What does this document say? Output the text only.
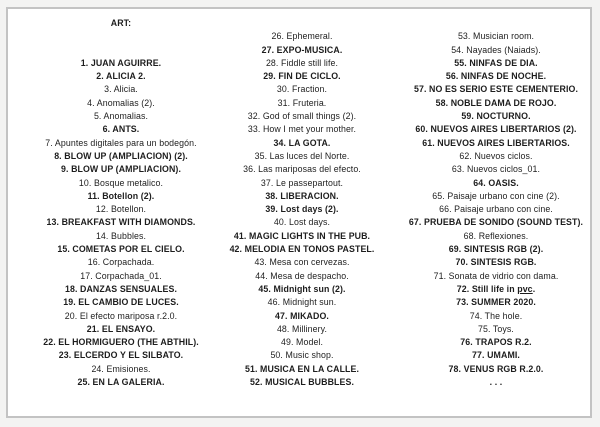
ART:
1. JUAN AGUIRRE.
2. ALICIA 2.
3. Alicia.
4. Anomalias (2).
5. Anomalias.
6. ANTS.
7. Apuntes digitales para un bodegón.
8. BLOW UP (AMPLIACION) (2).
9. BLOW UP (AMPLIACION).
10. Bosque metalico.
11. Botellon (2).
12. Botellon.
13. BREAKFAST WITH DIAMONDS.
14. Bubbles.
15. COMETAS POR EL CIELO.
16. Corpachada.
17. Corpachada_01.
18. DANZAS SENSUALES.
19. EL CAMBIO DE LUCES.
20. El efecto mariposa r.2.0.
21. EL ENSAYO.
22. EL HORMIGUERO (THE ABTHIL).
23. ELCERDO Y EL SILBATO.
24. Emisiones.
25. EN LA GALERIA.
26. Ephemeral.
27. EXPO-MUSICA.
28. Fiddle still life.
29. FIN DE CICLO.
30. Fraction.
31. Fruteria.
32. God of small things (2).
33. How I met your mother.
34. LA GOTA.
35. Las luces del Norte.
36. Las mariposas del efecto.
37. Le passepartout.
38. LIBERACION.
39. Lost days (2).
40. Lost days.
41. MAGIC LIGHTS IN THE PUB.
42. MELODIA EN TONOS PASTEL.
43. Mesa con cervezas.
44. Mesa de despacho.
45. Midnight sun (2).
46. Midnight sun.
47. MIKADO.
48. Millinery.
49. Model.
50. Music shop.
51. MUSICA EN LA CALLE.
52. MUSICAL BUBBLES.
53. Musician room.
54. Nayades (Naiads).
55. NINFAS DE DIA.
56. NINFAS DE NOCHE.
57. NO ES SERIO ESTE CEMENTERIO.
58. NOBLE DAMA DE ROJO.
59. NOCTURNO.
60. NUEVOS AIRES LIBERTARIOS (2).
61. NUEVOS AIRES LIBERTARIOS.
62. Nuevos ciclos.
63. Nuevos ciclos_01.
64. OASIS.
65. Paisaje urbano con cine (2).
66. Paisaje urbano con cine.
67. PRUEBA DE SONIDO (SOUND TEST).
68. Reflexiones.
69. SINTESIS RGB (2).
70. SINTESIS RGB.
71. Sonata de vidrio con dama.
72. Still life in pvc.
73. SUMMER 2020.
74. The hole.
75. Toys.
76. TRAPOS R.2.
77. UMAMI.
78. VENUS RGB R.2.0.
. . .
